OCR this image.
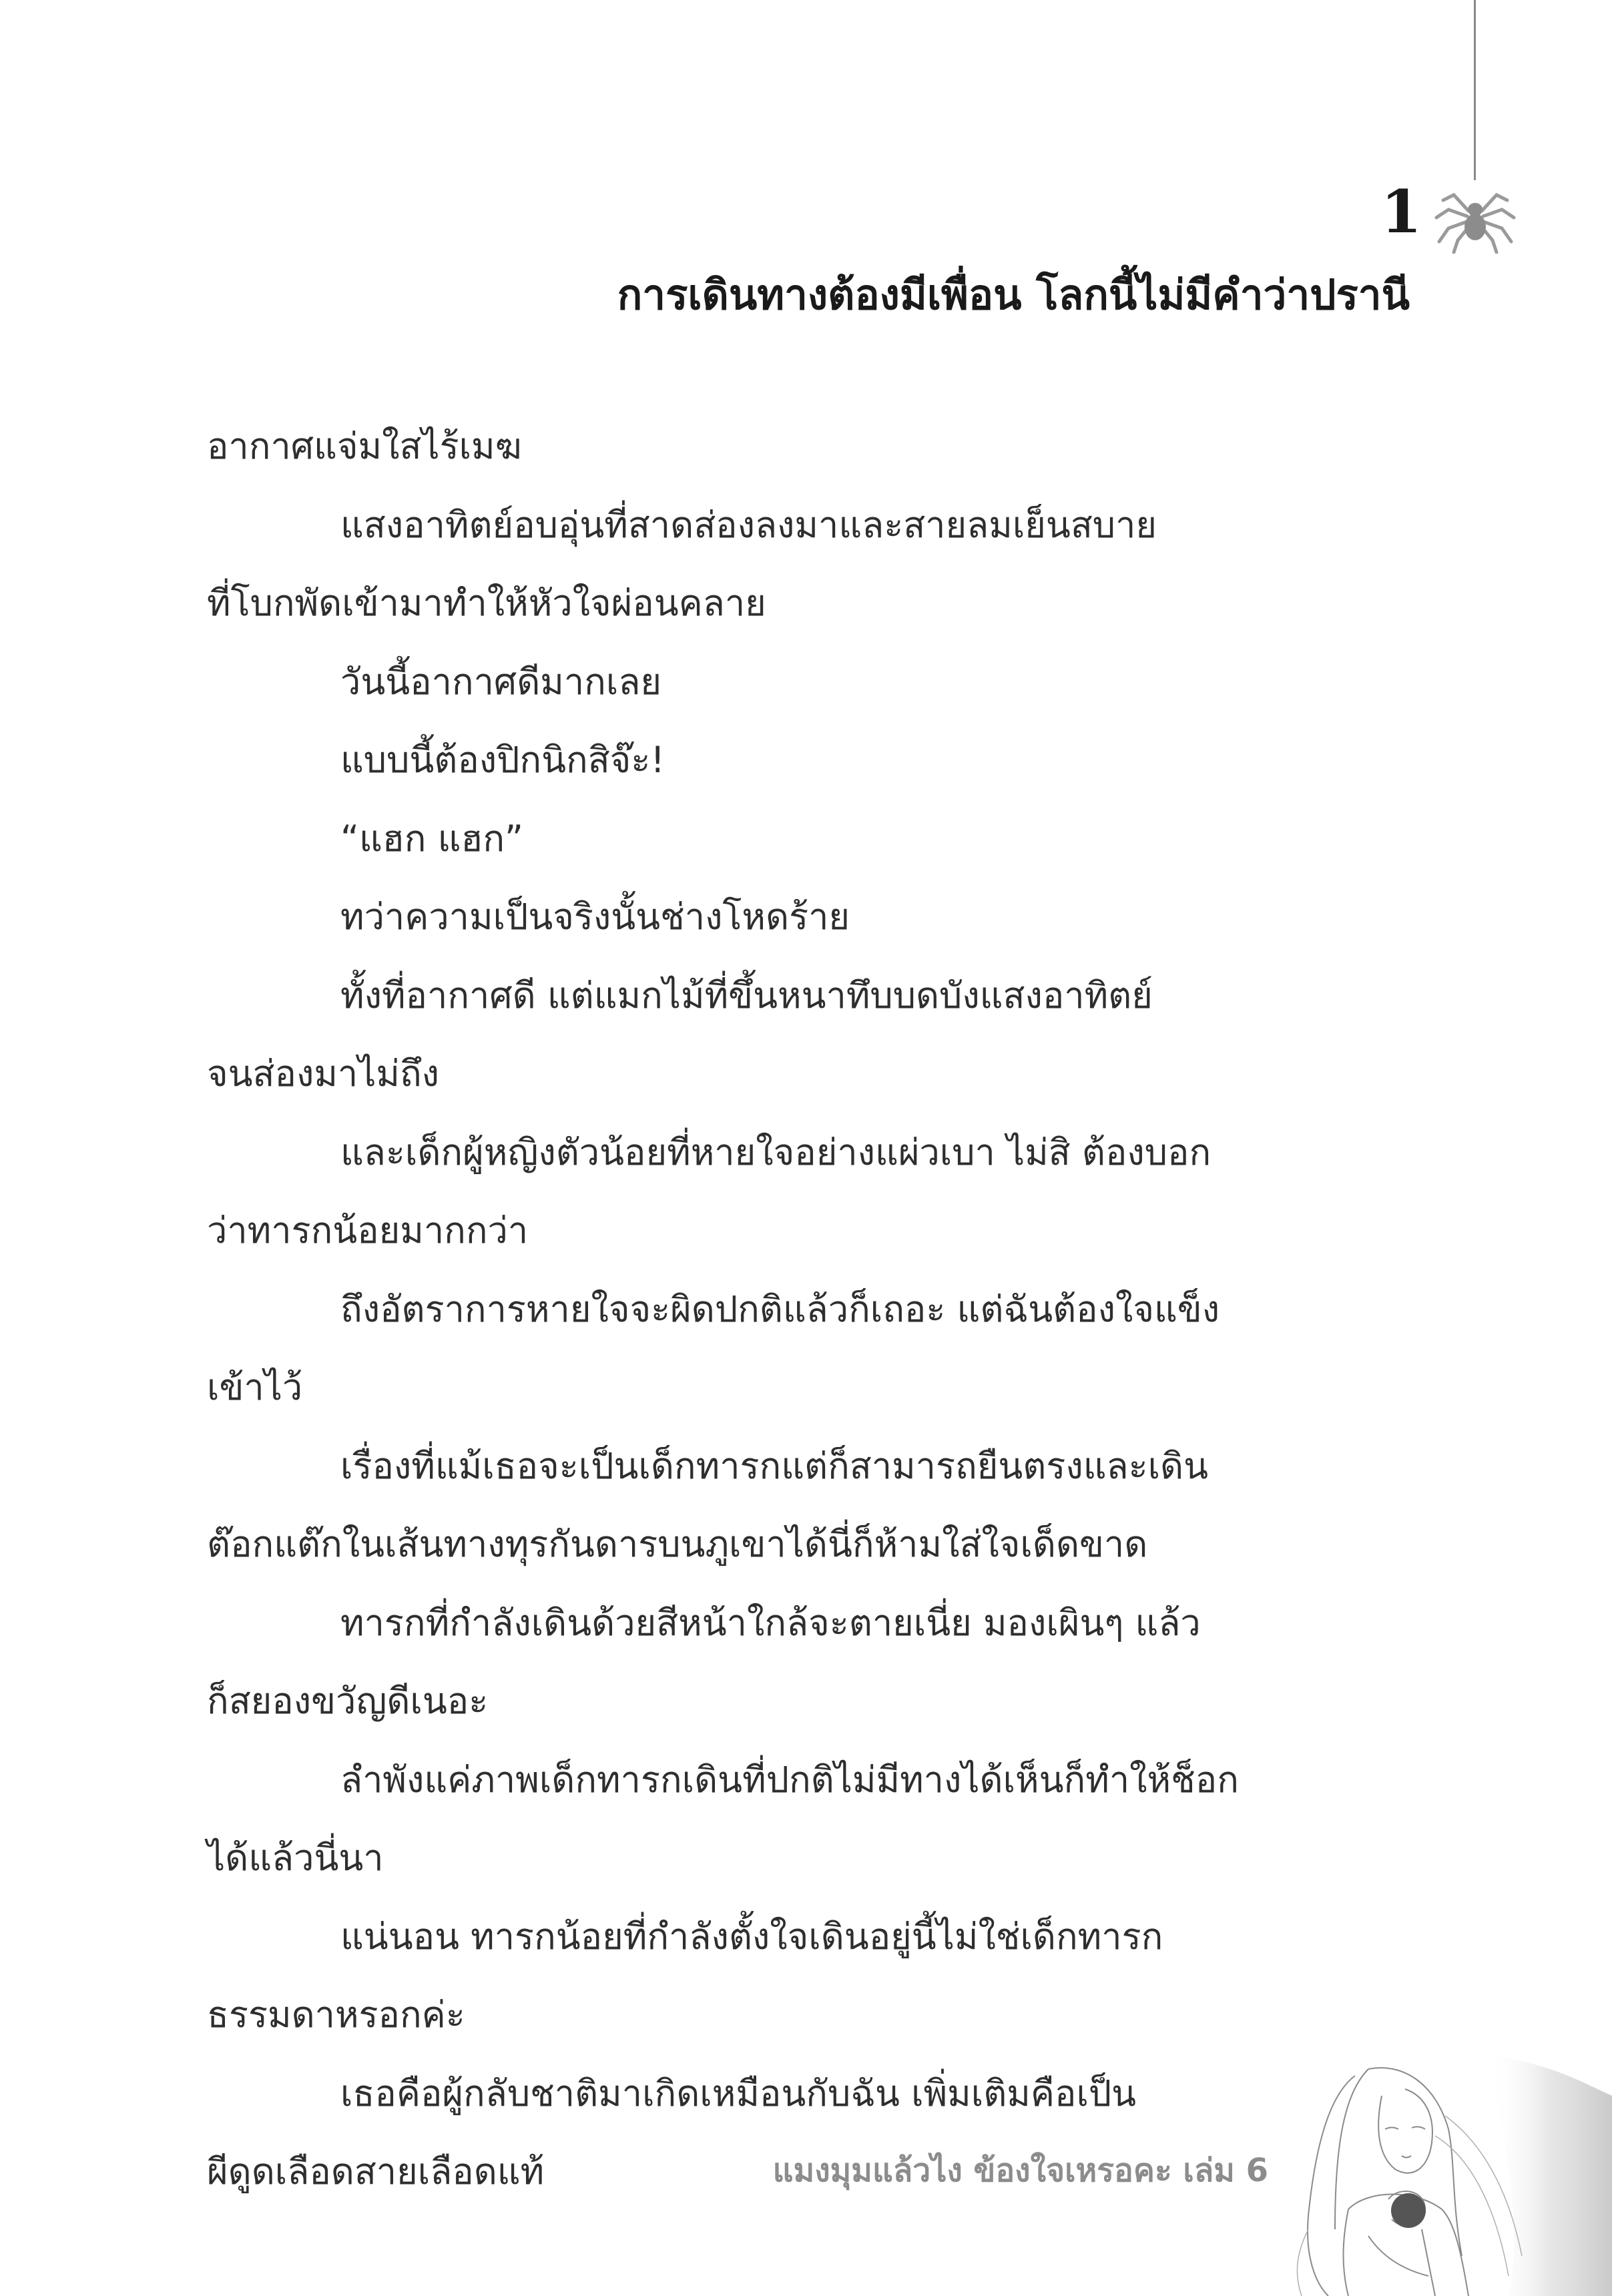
1
การเดินทางต้องมีเพื่อน โลกนี้ไม่มีคำว่าปรานี
อากาศแจ่มใสไร้เมฆ
แสงอาทิตย์อบอุ่นที่สาดส่องลงมาและสายลมเย็นสบาย
ที่โบกพัดเข้ามาทำให้หัวใจผ่อนคลาย
วันนี้อากาศดีมากเลย
แบบนี้ต้องปิกนิกสิจ๊ะ!
“แฮก แฮก”
ทว่าความเป็นจริงนั้นช่างโหดร้าย
ทั้งที่อากาศดี แต่แมกไม้ที่ขึ้นหนาทึบบดบังแสงอาทิตย์
จนส่องมาไม่ถึง
และเด็กผู้หญิงตัวน้อยที่หายใจอย่างแผ่วเบา ไม่สิ ต้องบอก
ว่าทารกน้อยมากกว่า
ถึงอัตราการหายใจจะผิดปกติแล้วก็เถอะ แต่ฉันต้องใจแข็ง
เข้าไว้
เรื่องที่แม้เธอจะเป็นเด็กทารกแต่ก็สามารถยืนตรงและเดิน
ต๊อกแต๊กในเส้นทางทุรกันดารบนภูเขาได้นี่ก็ห้ามใส่ใจเด็ดขาด
ทารกที่กำลังเดินด้วยสีหน้าใกล้จะตายเนี่ย มองเผินๆ แล้ว
ก็สยองขวัญดีเนอะ
ลำพังแค่ภาพเด็กทารกเดินที่ปกติไม่มีทางได้เห็นก็ทำให้ช็อก
ได้แล้วนี่นา
แน่นอน ทารกน้อยที่กำลังตั้งใจเดินอยู่นี้ไม่ใช่เด็กทารก
ธรรมดาหรอกค่ะ
เธอคือผู้กลับชาติมาเกิดเหมือนกับฉัน เพิ่มเติมคือเป็น
ผีดูดเลือดสายเลือดแท้	แมงมุมแล้วไง ข้องใจเหรอคะ เล่ม 6
